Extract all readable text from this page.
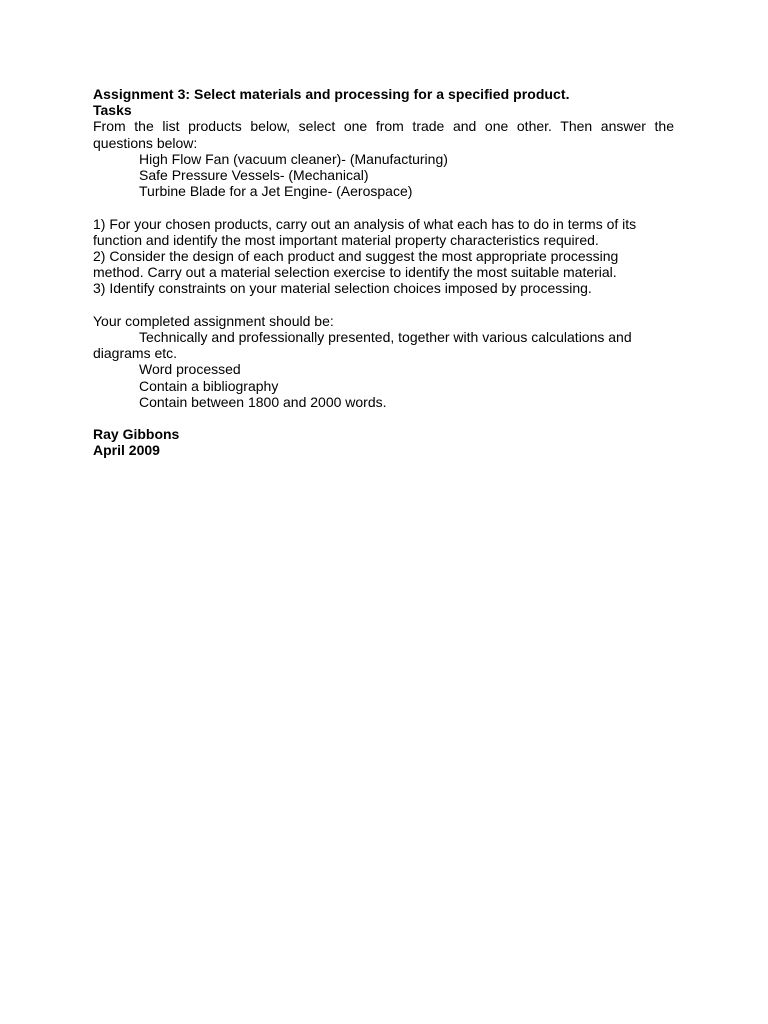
Assignment 3: Select materials and processing for a specified product.
Tasks
From the list products below, select one from trade and one other. Then answer the
questions below:
High Flow Fan (vacuum cleaner)- (Manufacturing)
Safe Pressure Vessels- (Mechanical)
Turbine Blade for a Jet Engine- (Aerospace)
1) For your chosen products, carry out an analysis of what each has to do in terms of its
function and identify the most important material property characteristics required.
2) Consider the design of each product and suggest the most appropriate processing
method. Carry out a material selection exercise to identify the most suitable material.
3) Identify constraints on your material selection choices imposed by processing.
Your completed assignment should be:
Technically and professionally presented, together with various calculations and
diagrams etc.
Word processed
Contain a bibliography
Contain between 1800 and 2000 words.
Ray Gibbons
April 2009
